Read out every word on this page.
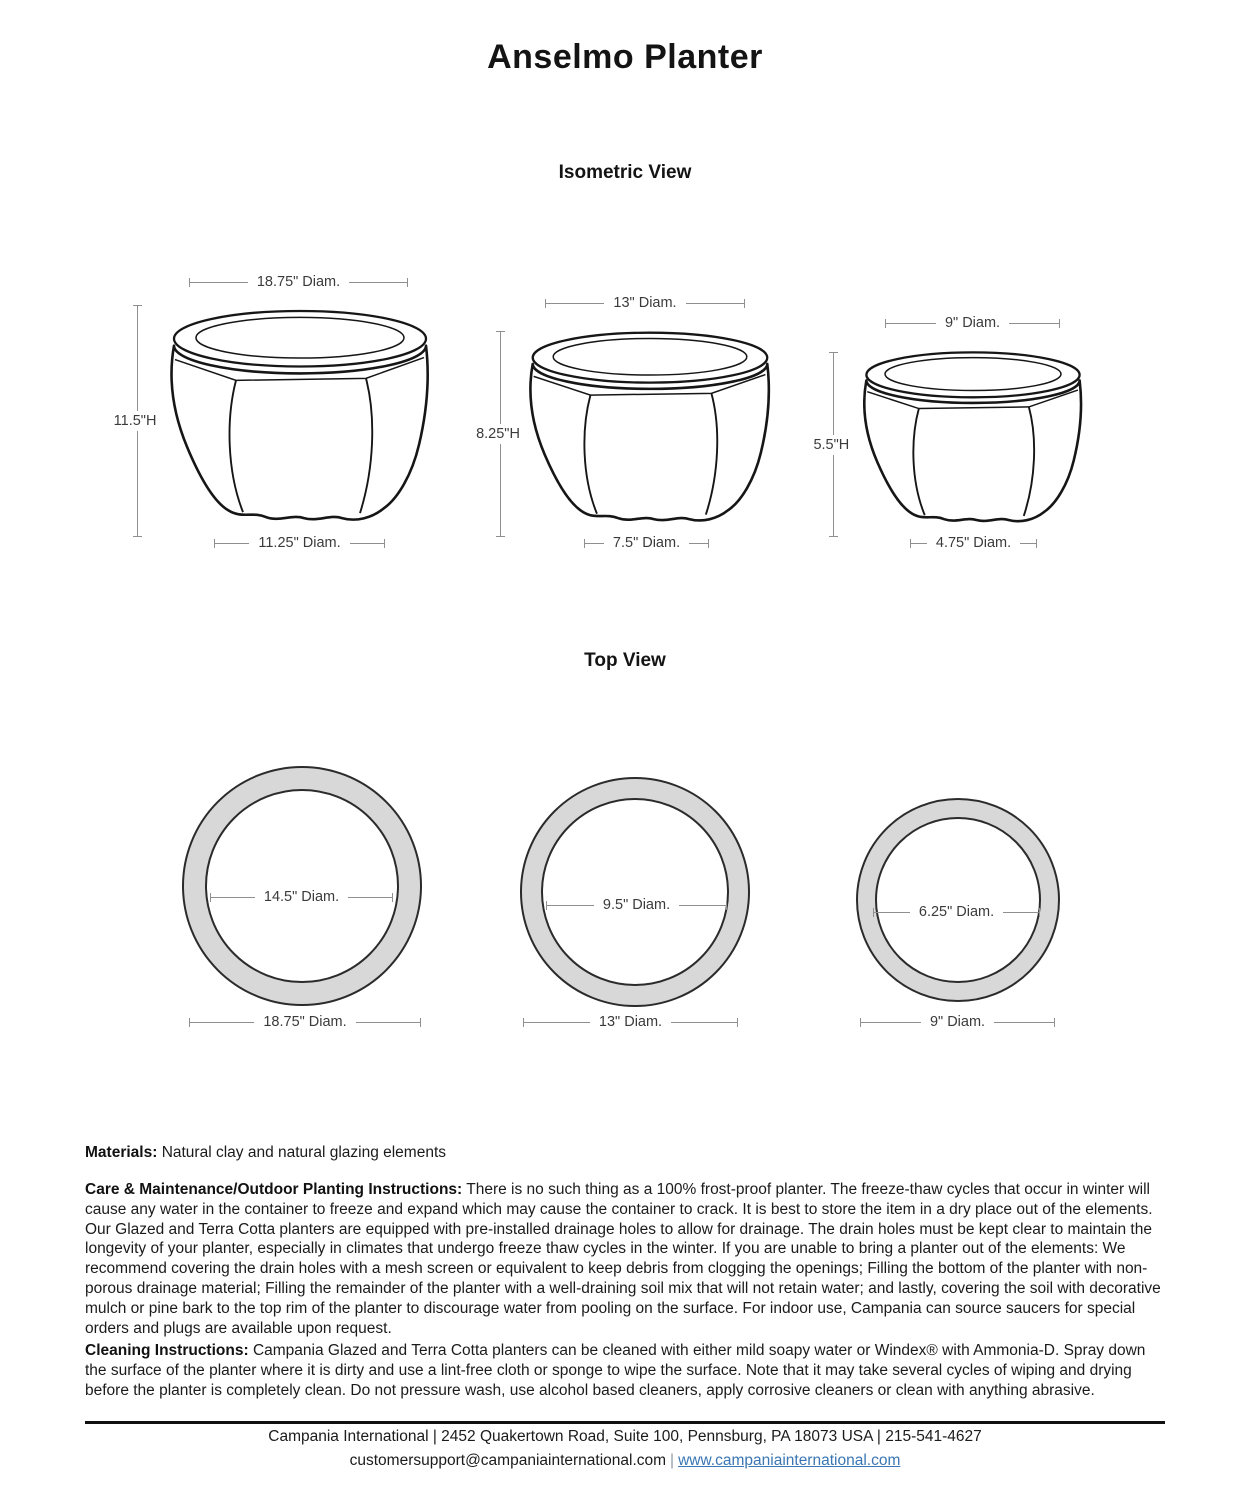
Anselmo Planter
Isometric View
18.75" Diam.
11.5"H
11.25" Diam.
13" Diam.
8.25"H
7.5" Diam.
9" Diam.
5.5"H
4.75" Diam.
Top View
14.5" Diam.
18.75" Diam.
9.5" Diam.
13" Diam.
6.25" Diam.
9" Diam.
Materials: Natural clay and natural glazing elements
Care & Maintenance/Outdoor Planting Instructions: There is no such thing as a 100% frost-proof planter. The freeze-thaw cycles that occur in winter will cause any water in the container to freeze and expand which may cause the container to crack. It is best to store the item in a dry place out of the elements. Our Glazed and Terra Cotta planters are equipped with pre-installed drainage holes to allow for drainage. The drain holes must be kept clear to maintain the longevity of your planter, especially in climates that undergo freeze thaw cycles in the winter. If you are unable to bring a planter out of the elements: We recommend covering the drain holes with a mesh screen or equivalent to keep debris from clogging the openings; Filling the bottom of the planter with non-porous drainage material; Filling the remainder of the planter with a well-draining soil mix that will not retain water; and lastly, covering the soil with decorative mulch or pine bark to the top rim of the planter to discourage water from pooling on the surface. For indoor use, Campania can source saucers for special orders and plugs are available upon request.
Cleaning Instructions: Campania Glazed and Terra Cotta planters can be cleaned with either mild soapy water or Windex® with Ammonia-D. Spray down the surface of the planter where it is dirty and use a lint-free cloth or sponge to wipe the surface. Note that it may take several cycles of wiping and drying before the planter is completely clean. Do not pressure wash, use alcohol based cleaners, apply corrosive cleaners or clean with anything abrasive.
Campania International | 2452 Quakertown Road, Suite 100, Pennsburg, PA 18073 USA | 215-541-4627
customersupport@campaniainternational.com | www.campaniainternational.com
